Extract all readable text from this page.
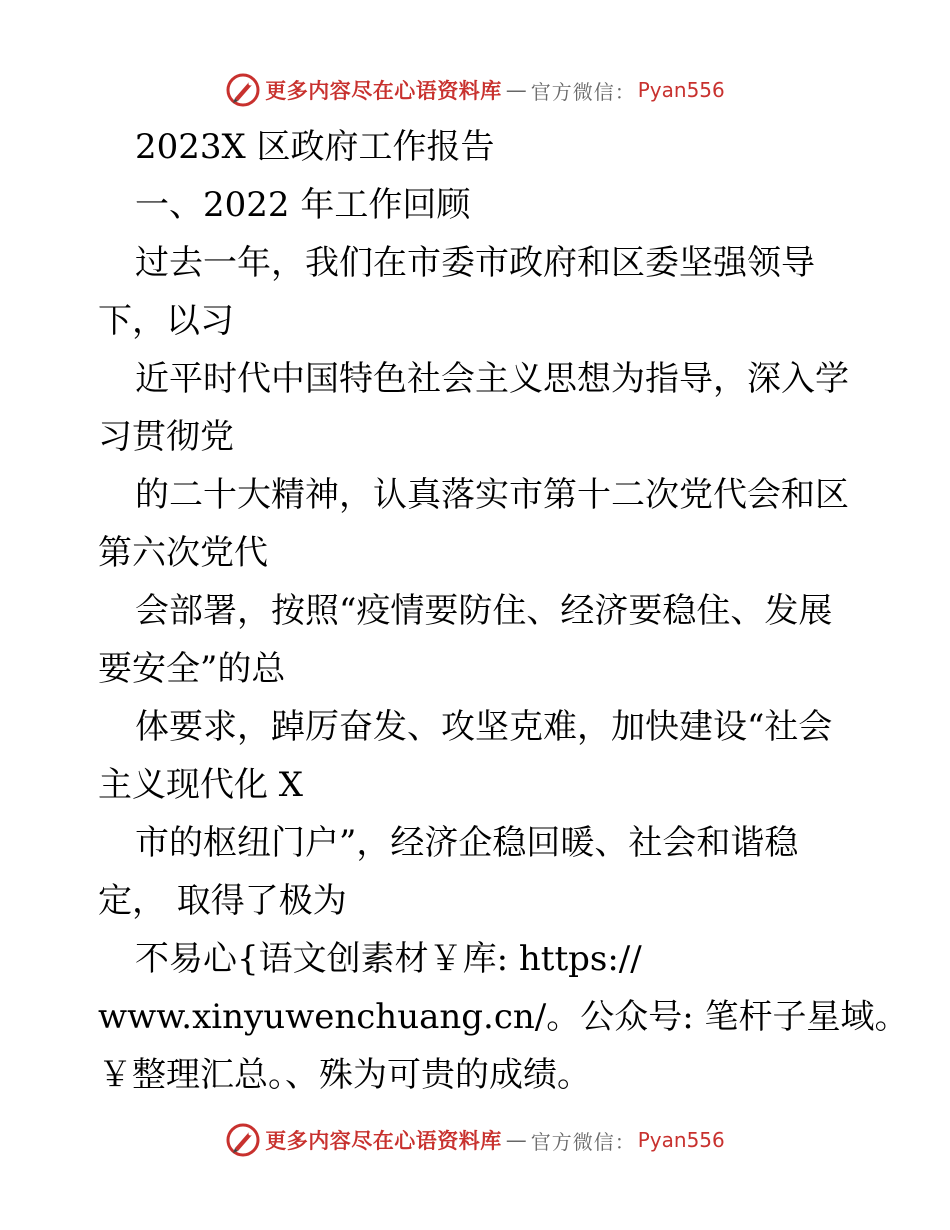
更多内容尽在心语资料库 — 官方微信： Pyan556
2023X 区政府工作报告
一、2022 年工作回顾
过去一年，我们在市委市政府和区委坚强领导
下，以习
近平时代中国特色社会主义思想为指导，深入学
习贯彻党
的二十大精神，认真落实市第十二次党代会和区
第六次党代
会部署，按照“疫情要防住、经济要稳住、发展
要安全”的总
体要求，踔厉奋发、攻坚克难，加快建设“社会
主义现代化 X
市的枢纽门户”，经济企稳回暖、社会和谐稳
定， 取得了极为
不易心{语文创素材￥库: https://
www.xinyuwenchuang.cn/。公众号: 笔杆子星域。
￥整理汇总。、殊为可贵的成绩。
更多内容尽在心语资料库 — 官方微信： Pyan556
